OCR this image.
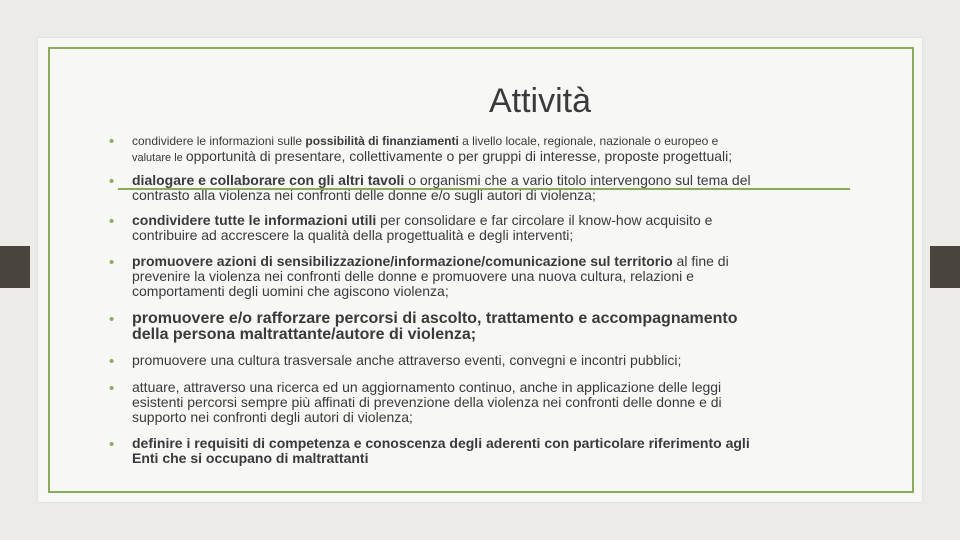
Attività
• condividere le informazioni sulle possibilità di finanziamenti a livello locale, regionale, nazionale o europeo e
valutare le opportunità di presentare, collettivamente o per gruppi di interesse, proposte progettuali;
• dialogare e collaborare con gli altri tavoli o organismi che a vario titolo intervengono sul tema del
contrasto alla violenza nei confronti delle donne e/o sugli autori di violenza;
• condividere tutte le informazioni utili per consolidare e far circolare il know-how acquisito e
contribuire ad accrescere la qualità della progettualità e degli interventi;
• promuovere azioni di sensibilizzazione/informazione/comunicazione sul territorio al fine di
prevenire la violenza nei confronti delle donne e promuovere una nuova cultura, relazioni e
comportamenti degli uomini che agiscono violenza;
• promuovere e/o rafforzare percorsi di ascolto, trattamento e accompagnamento
della persona maltrattante/autore di violenza;
• promuovere una cultura trasversale anche attraverso eventi, convegni e incontri pubblici;
• attuare, attraverso una ricerca ed un aggiornamento continuo, anche in applicazione delle leggi
esistenti percorsi sempre più affinati di prevenzione della violenza nei confronti delle donne e di
supporto nei confronti degli autori di violenza;
• definire i requisiti di competenza e conoscenza degli aderenti con particolare riferimento agli
Enti che si occupano di maltrattanti
